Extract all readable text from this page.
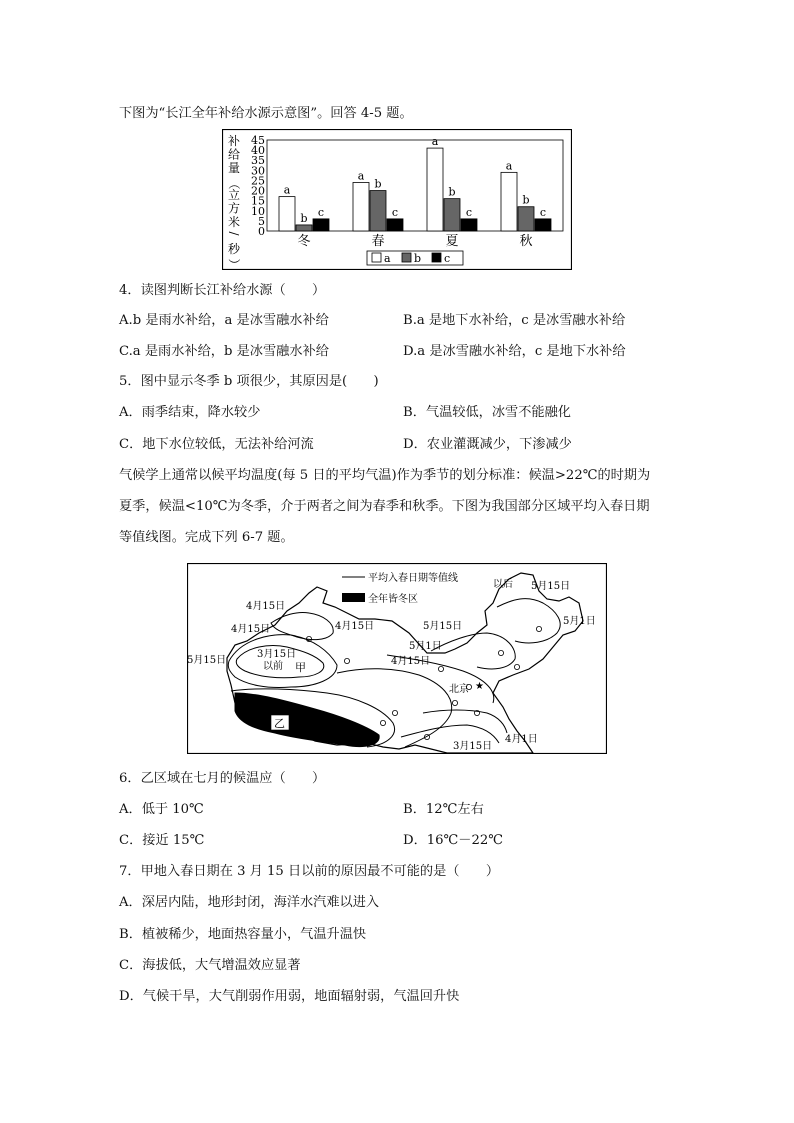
下图为“长江全年补给水源示意图”。回答 4-5 题。
补
给
量
（
立
方
米
/
秒
）
0
5
10
15
20
25
30
35
40
45
a
b c
a
b
c
a
b
c
a
b
c
冬	春	夏	秋
a b c
4．读图判断长江补给水源（　　）
A.b 是雨水补给，a 是冰雪融水补给	B.a 是地下水补给，c 是冰雪融水补给
C.a 是雨水补给，b 是冰雪融水补给	D.a 是冰雪融水补给，c 是地下水补给
5．图中显示冬季 b 项很少，其原因是(　　)
A．雨季结束，降水较少	B．气温较低，冰雪不能融化
C．地下水位较低，无法补给河流	D．农业灌溉减少，下渗减少
气候学上通常以候平均温度(每 5 日的平均气温)作为季节的划分标准：候温>22℃的时期为
夏季，候温<10℃为冬季，介于两者之间为春季和秋季。下图为我国部分区域平均入春日期
等值线图。完成下列 6-7 题。
★
平均入春日期等值线
全年皆冬区
4月15日
4月15日
5月15日
3月15日
以前 甲
4月15日
5月1日
4月15日
5月15日
以后 5月15日
5月1日
北京
3月15日
4月1日
乙
6．乙区域在七月的候温应（　　）
A．低于 10℃	B．12℃左右
C．接近 15℃	D．16℃－22℃
7．甲地入春日期在 3 月 15 日以前的原因最不可能的是（　　）
A．深居内陆，地形封闭，海洋水汽难以进入
B．植被稀少，地面热容量小，气温升温快
C．海拔低，大气增温效应显著
D．气候干旱，大气削弱作用弱，地面辐射弱，气温回升快
